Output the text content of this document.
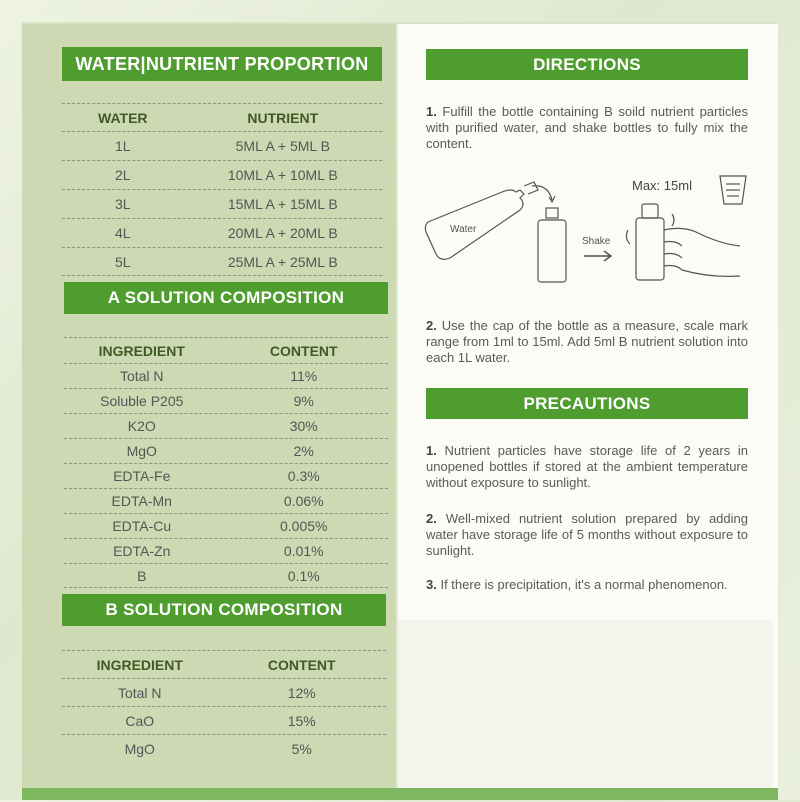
WATER|NUTRIENT PROPORTION
WATER	NUTRIENT
1L	5ML A + 5ML B
2L	10ML A + 10ML B
3L	15ML A + 15ML B
4L	20ML A + 20ML B
5L	25ML A + 25ML B
A SOLUTION COMPOSITION
INGREDIENT	CONTENT
Total N	11%
Soluble P205	9%
K2O	30%
MgO	2%
EDTA-Fe	0.3%
EDTA-Mn	0.06%
EDTA-Cu	0.005%
EDTA-Zn	0.01%
B	0.1%
B SOLUTION COMPOSITION
INGREDIENT	CONTENT
Total N	12%
CaO	15%
MgO	5%
DIRECTIONS
1. Fulfill the bottle containing B soild nutrient particles with purified water, and shake bottles to fully mix the content.
Water
Shake
Max: 15ml
2. Use the cap of the bottle as a measure, scale mark range from 1ml to 15ml. Add 5ml B nutrient solution into each 1L water.
PRECAUTIONS
1. Nutrient particles have storage life of 2 years in unopened bottles if stored at the ambient temperature without exposure to sunlight.
2. Well-mixed nutrient solution prepared by adding water have storage life of 5 months without exposure to sunlight.
3. If there is precipitation, it's a normal phenomenon.
